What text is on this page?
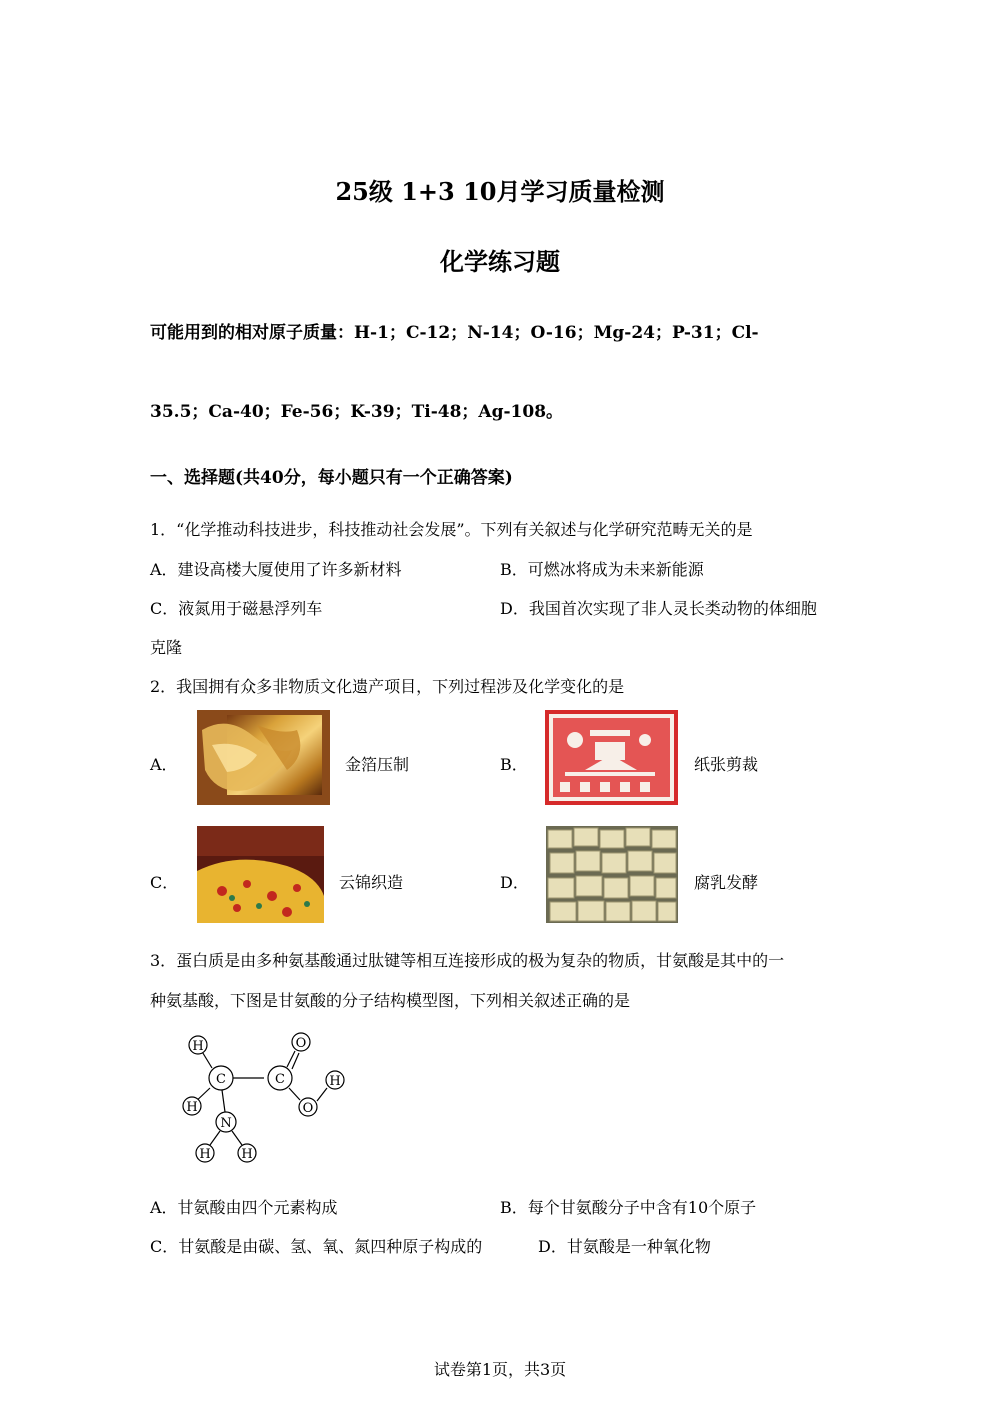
25级 1+3 10月学习质量检测
化学练习题
可能用到的相对原子质量：H-1；C-12；N-14；O-16；Mg-24；P-31；Cl-
35.5；Ca-40；Fe-56；K-39；Ti-48；Ag-108。
一、选择题(共40分，每小题只有一个正确答案)
1．“化学推动科技进步，科技推动社会发展”。下列有关叙述与化学研究范畴无关的是
A．建设高楼大厦使用了许多新材料	B．可燃冰将成为未来新能源
C．液氮用于磁悬浮列车	D．我国首次实现了非人灵长类动物的体细胞
克隆
2．我国拥有众多非物质文化遗产项目，下列过程涉及化学变化的是
A．	金箔压制	B．	纸张剪裁
C．	云锦织造	D．	腐乳发酵
3．蛋白质是由多种氨基酸通过肽键等相互连接形成的极为复杂的物质，甘氨酸是其中的一
种氨基酸，下图是甘氨酸的分子结构模型图，下列相关叙述正确的是
H
C
H
N
H H
C
O
O
H
A．甘氨酸由四个元素构成	B．每个甘氨酸分子中含有10个原子
C．甘氨酸是由碳、氢、氧、氮四种原子构成的	D．甘氨酸是一种氧化物
试卷第1页，共3页
